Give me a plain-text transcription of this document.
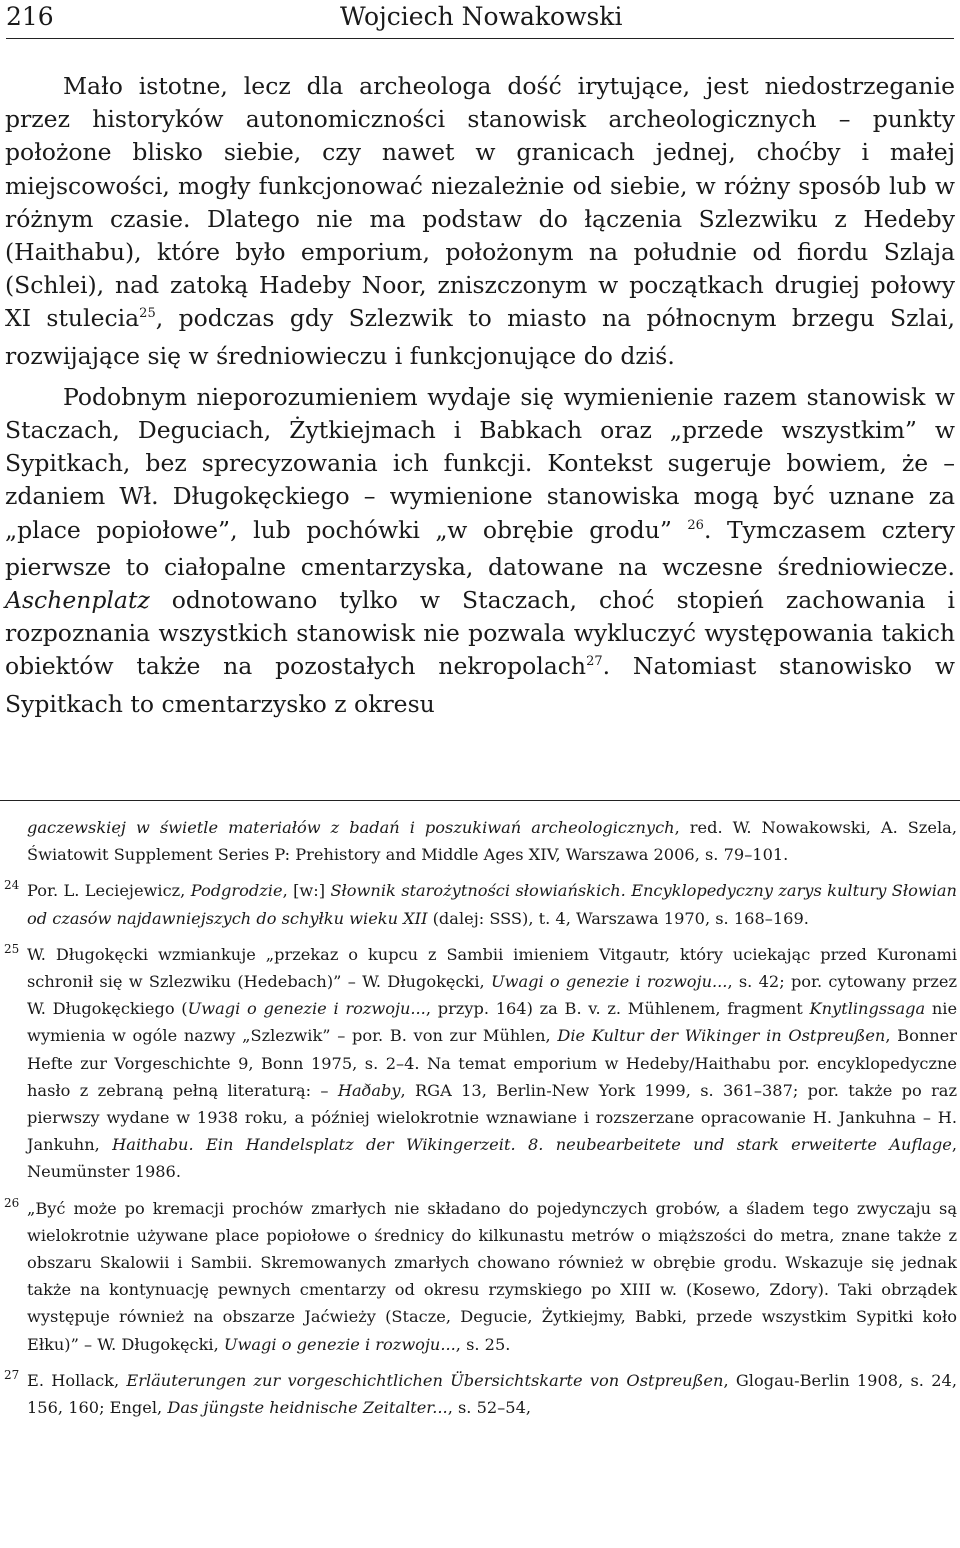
216	Wojciech Nowakowski

Mało istotne, lecz dla archeologa dość irytujące, jest niedostrzeganie przez historyków autonomiczności stanowisk archeologicznych – punkty położone blisko siebie, czy nawet w granicach jednej, choćby i małej miejscowości, mogły funkcjonować niezależnie od siebie, w różny sposób lub w różnym czasie. Dlatego nie ma podstaw do łączenia Szlezwiku z Hedeby (Haithabu), które było emporium, położonym na południe od fiordu Szlaja (Schlei), nad zatoką Hadeby Noor, zniszczonym w początkach drugiej połowy XI stulecia$^{25}$, podczas gdy Szlezwik to miasto na północnym brzegu Szlai, rozwijające się w średniowieczu i funkcjonujące do dziś.

Podobnym nieporozumieniem wydaje się wymienienie razem stanowisk w Staczach, Deguciach, Żytkiejmach i Babkach oraz „przede wszystkim” w Sypitkach, bez sprecyzowania ich funkcji. Kontekst sugeruje bowiem, że – zdaniem Wł. Długokęckiego – wymienione stanowiska mogą być uznane za „place popiołowe”, lub pochówki „w obrębie grodu” $^{26}$. Tymczasem cztery pierwsze to ciałopalne cmentarzyska, datowane na wczesne średniowiecze. Aschenplatz odnotowano tylko w Staczach, choć stopień zachowania i rozpoznania wszystkich stanowisk nie pozwala wykluczyć występowania takich obiektów także na pozostałych nekropolach$^{27}$. Natomiast stanowisko w Sypitkach to cmentarzysko z okresu

gaczewskiej w świetle materiałów z badań i poszukiwań archeologicznych, red. W. Nowakowski, A. Szela, Światowit Supplement Series P: Prehistory and Middle Ages XIV, Warszawa 2006, s. 79–101.
24 Por. L. Leciejewicz, Podgrodzie, [w:] Słownik starożytności słowiańskich. Encyklopedyczny zarys kultury Słowian od czasów najdawniejszych do schyłku wieku XII (dalej: SSS), t. 4, Warszawa 1970, s. 168–169.
25 W. Długokęcki wzmiankuje „przekaz o kupcu z Sambii imieniem Vitgautr, który uciekając przed Kuronami schronił się w Szlezwiku (Hedebach)” – W. Długokęcki, Uwagi o genezie i rozwoju..., s. 42; por. cytowany przez W. Długokęckiego (Uwagi o genezie i rozwoju..., przyp. 164) za B. v. z. Mühlenem, fragment Knytlingssaga nie wymienia w ogóle nazwy „Szlezwik” – por. B. von zur Mühlen, Die Kultur der Wikinger in Ostpreußen, Bonner Hefte zur Vorgeschichte 9, Bonn 1975, s. 2–4. Na temat emporium w Hedeby/Haithabu por. encyklopedyczne hasło z zebraną pełną literaturą: – Haðaby, RGA 13, Berlin-New York 1999, s. 361–387; por. także po raz pierwszy wydane w 1938 roku, a później wielokrotnie wznawiane i rozszerzane opracowanie H. Jankuhna – H. Jankuhn, Haithabu. Ein Handelsplatz der Wikingerzeit. 8. neubearbeitete und stark erweiterte Auflage, Neumünster 1986.
26 „Być może po kremacji prochów zmarłych nie składano do pojedynczych grobów, a śladem tego zwyczaju są wielokrotnie używane place popiołowe o średnicy do kilkunastu metrów o miąższości do metra, znane także z obszaru Skalowii i Sambii. Skremowanych zmarłych chowano również w obrębie grodu. Wskazuje się jednak także na kontynuację pewnych cmentarzy od okresu rzymskiego po XIII w. (Kosewo, Zdory). Taki obrządek występuje również na obszarze Jaćwieży (Stacze, Degucie, Żytkiejmy, Babki, przede wszystkim Sypitki koło Ełku)” – W. Długokęcki, Uwagi o genezie i rozwoju..., s. 25.
27 E. Hollack, Erläuterungen zur vorgeschichtlichen Übersichtskarte von Ostpreußen, Glogau-Berlin 1908, s. 24, 156, 160; Engel, Das jüngste heidnische Zeitalter..., s. 52–54,
